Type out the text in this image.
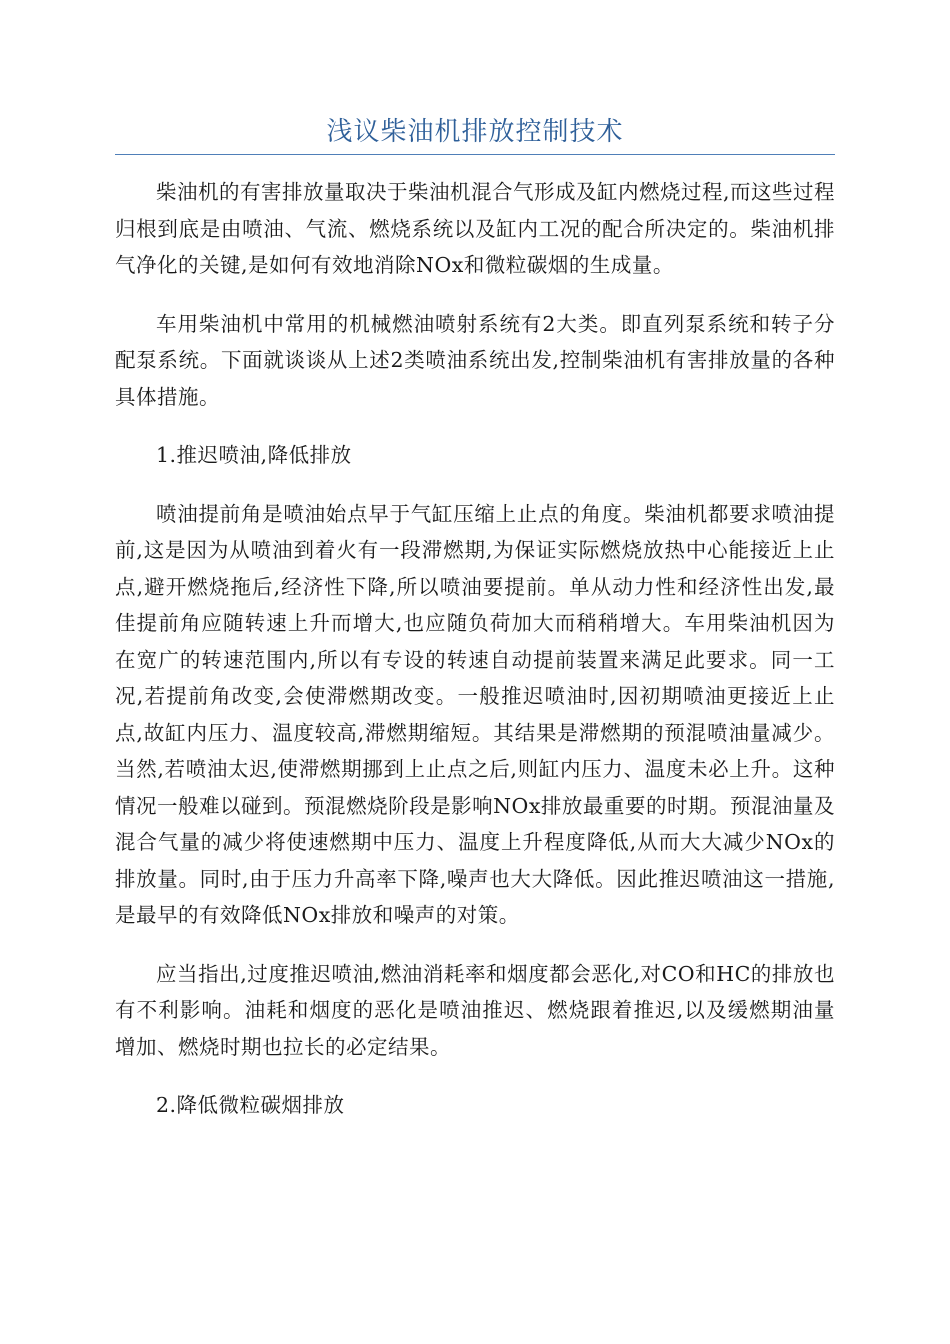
浅议柴油机排放控制技术

柴油机的有害排放量取决于柴油机混合气形成及缸内燃烧过程,而这些过程归根到底是由喷油、气流、燃烧系统以及缸内工况的配合所决定的。柴油机排气净化的关键,是如何有效地消除NOx和微粒碳烟的生成量。

车用柴油机中常用的机械燃油喷射系统有2大类。即直列泵系统和转子分配泵系统。下面就谈谈从上述2类喷油系统出发,控制柴油机有害排放量的各种具体措施。

1.推迟喷油,降低排放

喷油提前角是喷油始点早于气缸压缩上止点的角度。柴油机都要求喷油提前,这是因为从喷油到着火有一段滞燃期,为保证实际燃烧放热中心能接近上止点,避开燃烧拖后,经济性下降,所以喷油要提前。单从动力性和经济性出发,最佳提前角应随转速上升而增大,也应随负荷加大而稍稍增大。车用柴油机因为在宽广的转速范围内,所以有专设的转速自动提前装置来满足此要求。同一工况,若提前角改变,会使滞燃期改变。一般推迟喷油时,因初期喷油更接近上止点,故缸内压力、温度较高,滞燃期缩短。其结果是滞燃期的预混喷油量减少。当然,若喷油太迟,使滞燃期挪到上止点之后,则缸内压力、温度未必上升。这种情况一般难以碰到。预混燃烧阶段是影响NOx排放最重要的时期。预混油量及混合气量的减少将使速燃期中压力、温度上升程度降低,从而大大减少NOx的排放量。同时,由于压力升高率下降,噪声也大大降低。因此推迟喷油这一措施,是最早的有效降低NOx排放和噪声的对策。

应当指出,过度推迟喷油,燃油消耗率和烟度都会恶化,对CO和HC的排放也有不利影响。油耗和烟度的恶化是喷油推迟、燃烧跟着推迟,以及缓燃期油量增加、燃烧时期也拉长的必定结果。

2.降低微粒碳烟排放
